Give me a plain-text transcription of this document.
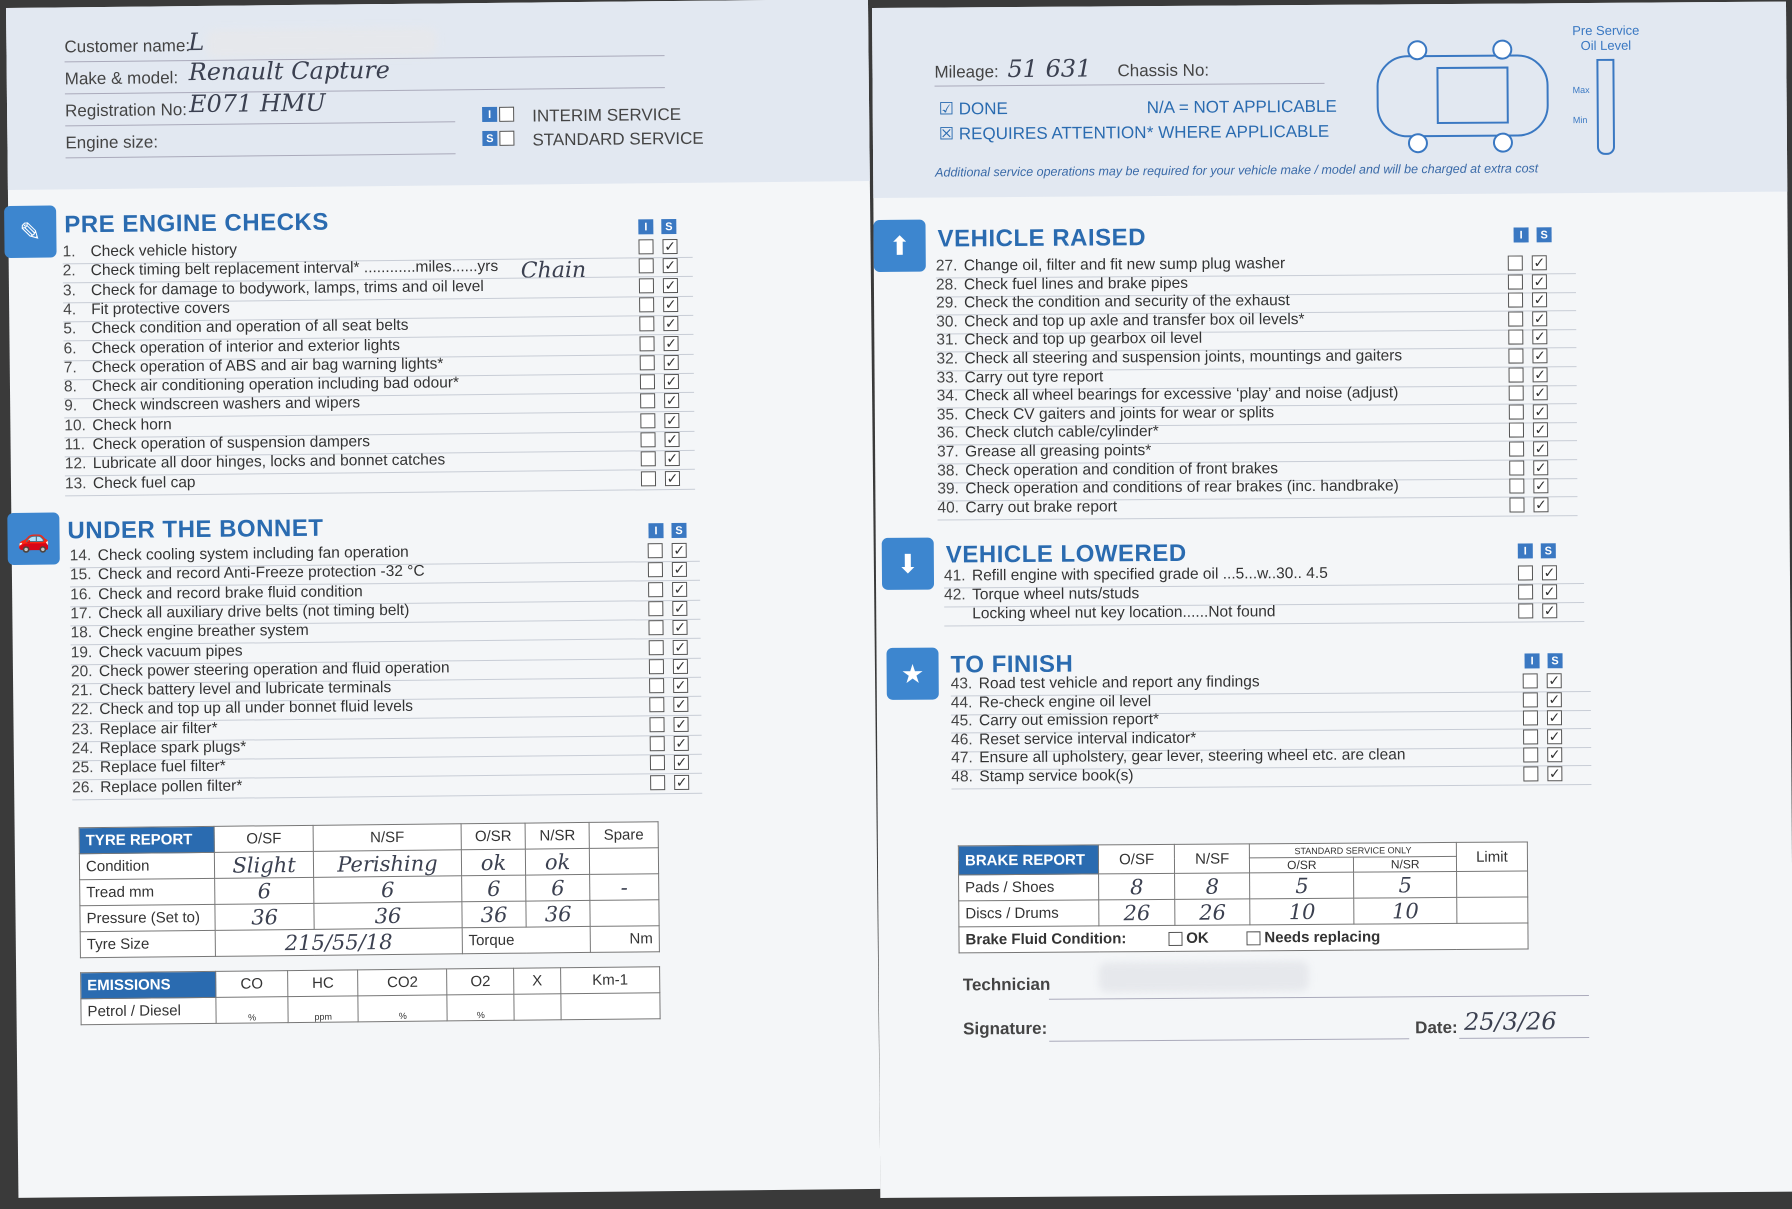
Customer name:
L
Make & model: Renault Capture
Registration No: E071 HMU
Engine size:
I	INTERIM SERVICE
S STANDARD SERVICE
✎ PRE ENGINE CHECKS	I	S
Chain
🚗 UNDER THE BONNET	I	S
TYRE REPORT	O/SF	N/SF	O/SR	N/SR	Spare
Condition	Slight	Perishing	ok	ok	
Tread mm	6	6	6	6	-
Pressure (Set to)	36	36	36	36	
Tyre Size	215/55/18		Torque		Nm
EMISSIONS	CO	HC	CO2	O2	X	Km-1
Petrol / Diesel	%	ppm	%	%		
1. Check vehicle history	✓
2. Check timing belt replacement interval* ............miles......yrs	✓
3. Check for damage to bodywork, lamps, trims and oil level	✓
4. Fit protective covers	✓
5. Check condition and operation of all seat belts	✓
6. Check operation of interior and exterior lights	✓
7. Check operation of ABS and air bag warning lights*	✓
8. Check air conditioning operation including bad odour*	✓
9. Check windscreen washers and wipers	✓
10. Check horn	✓
11. Check operation of suspension dampers	✓
12. Lubricate all door hinges, locks and bonnet catches	✓
13. Check fuel cap	✓
14. Check cooling system including fan operation	✓
15. Check and record Anti-Freeze protection -32 °C	✓
16. Check and record brake fluid condition	✓
17. Check all auxiliary drive belts (not timing belt)	✓
18. Check engine breather system	✓
19. Check vacuum pipes	✓
20. Check power steering operation and fluid operation	✓
21. Check battery level and lubricate terminals	✓
22. Check and top up all under bonnet fluid levels	✓
23. Replace air filter*	✓
24. Replace spark plugs*	✓
25. Replace fuel filter*	✓
26. Replace pollen filter*	✓
Mileage: 51 631 Chassis No:
☑ DONE
☒ REQUIRES ATTENTION
N/A = NOT APPLICABLE
* WHERE APPLICABLE
Pre Service
Oil Level
Max
Min
Additional service operations may be required for your vehicle make / model and will be charged at extra cost
⬆	VEHICLE RAISED	I	S
⬇	VEHICLE LOWERED	I	S
★	TO FINISH	I	S
BRAKE REPORT	O/SF	N/SF	STANDARD SERVICE ONLY		Limit
			O/SR	N/SR	
Pads / Shoes	8	8	5	5	
Discs / Drums	26	26	10	10	
Brake Fluid Condition: OK Needs replacing					
Technician
Signature:	Date: 25/3/26
27. Change oil, filter and fit new sump plug washer	✓
28. Check fuel lines and brake pipes	✓
29. Check the condition and security of the exhaust	✓
30. Check and top up axle and transfer box oil levels*	✓
31. Check and top up gearbox oil level	✓
32. Check all steering and suspension joints, mountings and gaiters	✓
33. Carry out tyre report	✓
34. Check all wheel bearings for excessive ‘play’ and noise (adjust)	✓
35. Check CV gaiters and joints for wear or splits	✓
36. Check clutch cable/cylinder*	✓
37. Grease all greasing points*	✓
38. Check operation and condition of front brakes	✓
39. Check operation and conditions of rear brakes (inc. handbrake)	✓
40. Carry out brake report	✓
41. Refill engine with specified grade oil ...5...w..30.. 4.5	✓
42. Torque wheel nuts/studs	✓
Locking wheel nut key location......Not found	✓
43. Road test vehicle and report any findings	✓
44. Re-check engine oil level	✓
45. Carry out emission report*	✓
46. Reset service interval indicator*	✓
47. Ensure all upholstery, gear lever, steering wheel etc. are clean	✓
48. Stamp service book(s)	✓
